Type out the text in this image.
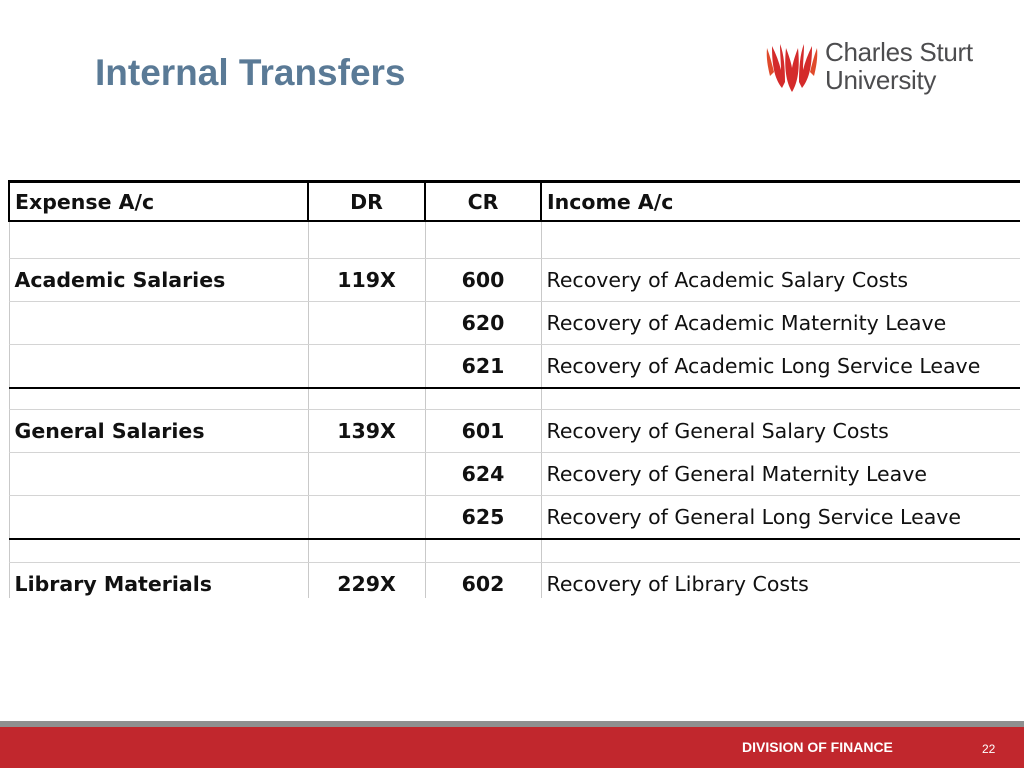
Internal Transfers	Charles Sturt
University
Expense A/c	DR	CR	Income A/c

Academic Salaries	119X	600	Recovery of Academic Salary Costs
		620	Recovery of Academic Maternity Leave
		621	Recovery of Academic Long Service Leave

General Salaries	139X	601	Recovery of General Salary Costs
		624	Recovery of General Maternity Leave
		625	Recovery of General Long Service Leave

Library Materials	229X	602	Recovery of Library Costs
DIVISION OF FINANCE	22
